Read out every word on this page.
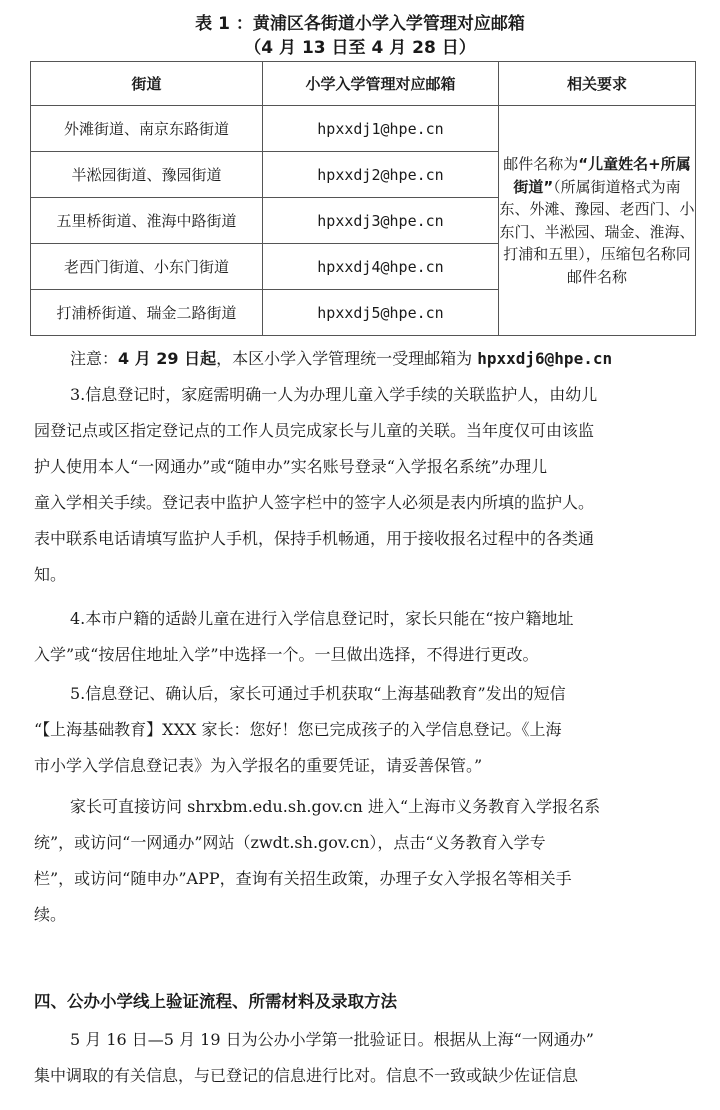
表 1 ：黄浦区各街道小学入学管理对应邮箱
（4 月 13 日至 4 月 28 日）
街道	小学入学管理对应邮箱	相关要求
外滩街道、南京东路街道	hpxxdj1@hpe.cn	邮件名称为“儿童姓名+所属街道”（所属街道格式为南东、外滩、豫园、老西门、小东门、半淞园、瑞金、淮海、打浦和五里），压缩包名称同邮件名称
半淞园街道、豫园街道	hpxxdj2@hpe.cn	
五里桥街道、淮海中路街道	hpxxdj3@hpe.cn	
老西门街道、小东门街道	hpxxdj4@hpe.cn	
打浦桥街道、瑞金二路街道	hpxxdj5@hpe.cn	
注意：4 月 29 日起，本区小学入学管理统一受理邮箱为 hpxxdj6@hpe.cn
3.信息登记时，家庭需明确一人为办理儿童入学手续的关联监护人，由幼儿
园登记点或区指定登记点的工作人员完成家长与儿童的关联。当年度仅可由该监
护人使用本人“一网通办”或“随申办”实名账号登录“入学报名系统”办理儿
童入学相关手续。登记表中监护人签字栏中的签字人必须是表内所填的监护人。
表中联系电话请填写监护人手机，保持手机畅通，用于接收报名过程中的各类通
知。
4.本市户籍的适龄儿童在进行入学信息登记时，家长只能在“按户籍地址
入学”或“按居住地址入学”中选择一个。一旦做出选择，不得进行更改。
5.信息登记、确认后，家长可通过手机获取“上海基础教育”发出的短信
“【上海基础教育】XXX 家长：您好！您已完成孩子的入学信息登记。《上海
市小学入学信息登记表》为入学报名的重要凭证，请妥善保管。”
家长可直接访问 shrxbm.edu.sh.gov.cn 进入“上海市义务教育入学报名系
统”，或访问“一网通办”网站（zwdt.sh.gov.cn），点击“义务教育入学专
栏”，或访问“随申办”APP，查询有关招生政策，办理子女入学报名等相关手
续。
四、公办小学线上验证流程、所需材料及录取方法
5 月 16 日—5 月 19 日为公办小学第一批验证日。根据从上海“一网通办”
集中调取的有关信息，与已登记的信息进行比对。信息不一致或缺少佐证信息
